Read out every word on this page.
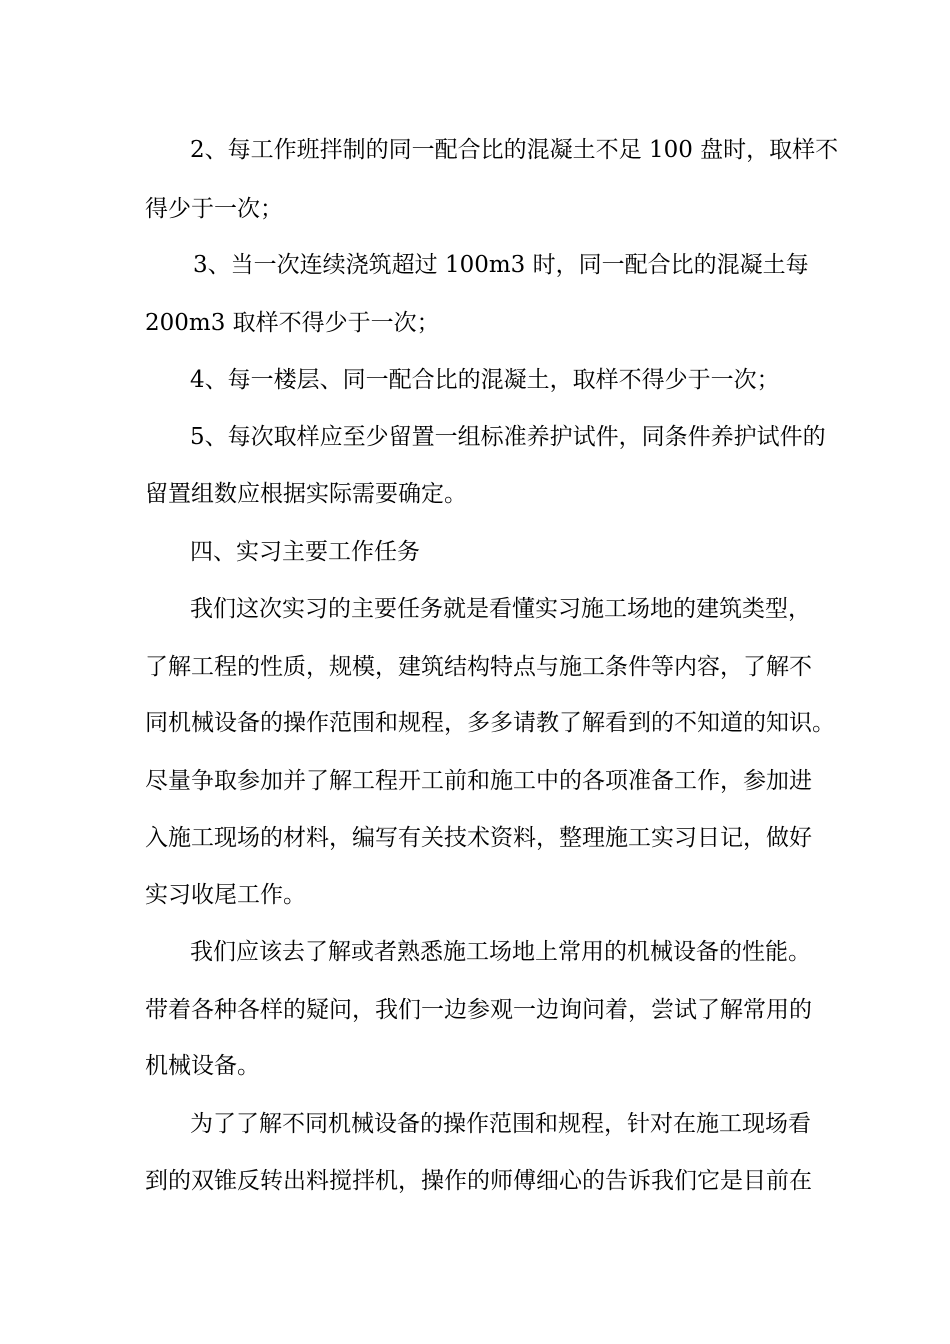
2、每工作班拌制的同一配合比的混凝土不足 100 盘时，取样不
得少于一次；
3、当一次连续浇筑超过 100m3 时，同一配合比的混凝土每
200m3 取样不得少于一次；
4、每一楼层、同一配合比的混凝土，取样不得少于一次；
5、每次取样应至少留置一组标准养护试件，同条件养护试件的
留置组数应根据实际需要确定。
四、实习主要工作任务
我们这次实习的主要任务就是看懂实习施工场地的建筑类型，
了解工程的性质，规模，建筑结构特点与施工条件等内容，了解不
同机械设备的操作范围和规程，多多请教了解看到的不知道的知识。
尽量争取参加并了解工程开工前和施工中的各项准备工作，参加进
入施工现场的材料，编写有关技术资料，整理施工实习日记，做好
实习收尾工作。
我们应该去了解或者熟悉施工场地上常用的机械设备的性能。
带着各种各样的疑问，我们一边参观一边询问着，尝试了解常用的
机械设备。
为了了解不同机械设备的操作范围和规程，针对在施工现场看
到的双锥反转出料搅拌机，操作的师傅细心的告诉我们它是目前在
